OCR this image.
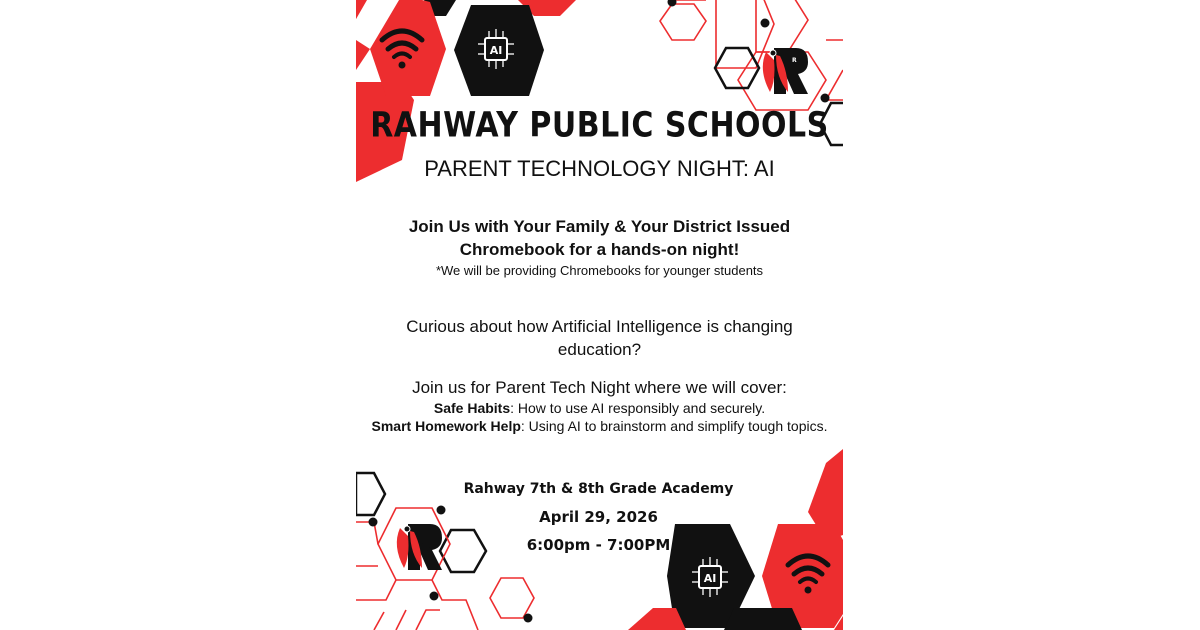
AI
R
AI
RAHWAY PUBLIC SCHOOLS
PARENT TECHNOLOGY NIGHT: AI
Join Us with Your Family & Your District Issued
Chromebook for a hands-on night!
*We will be providing Chromebooks for younger students
Curious about how Artificial Intelligence is changing education?
Join us for Parent Tech Night where we will cover:
Safe Habits: How to use AI responsibly and securely.
Smart Homework Help: Using AI to brainstorm and simplify tough topics.
Rahway 7th & 8th Grade Academy
April 29, 2026
6:00pm - 7:00PM
